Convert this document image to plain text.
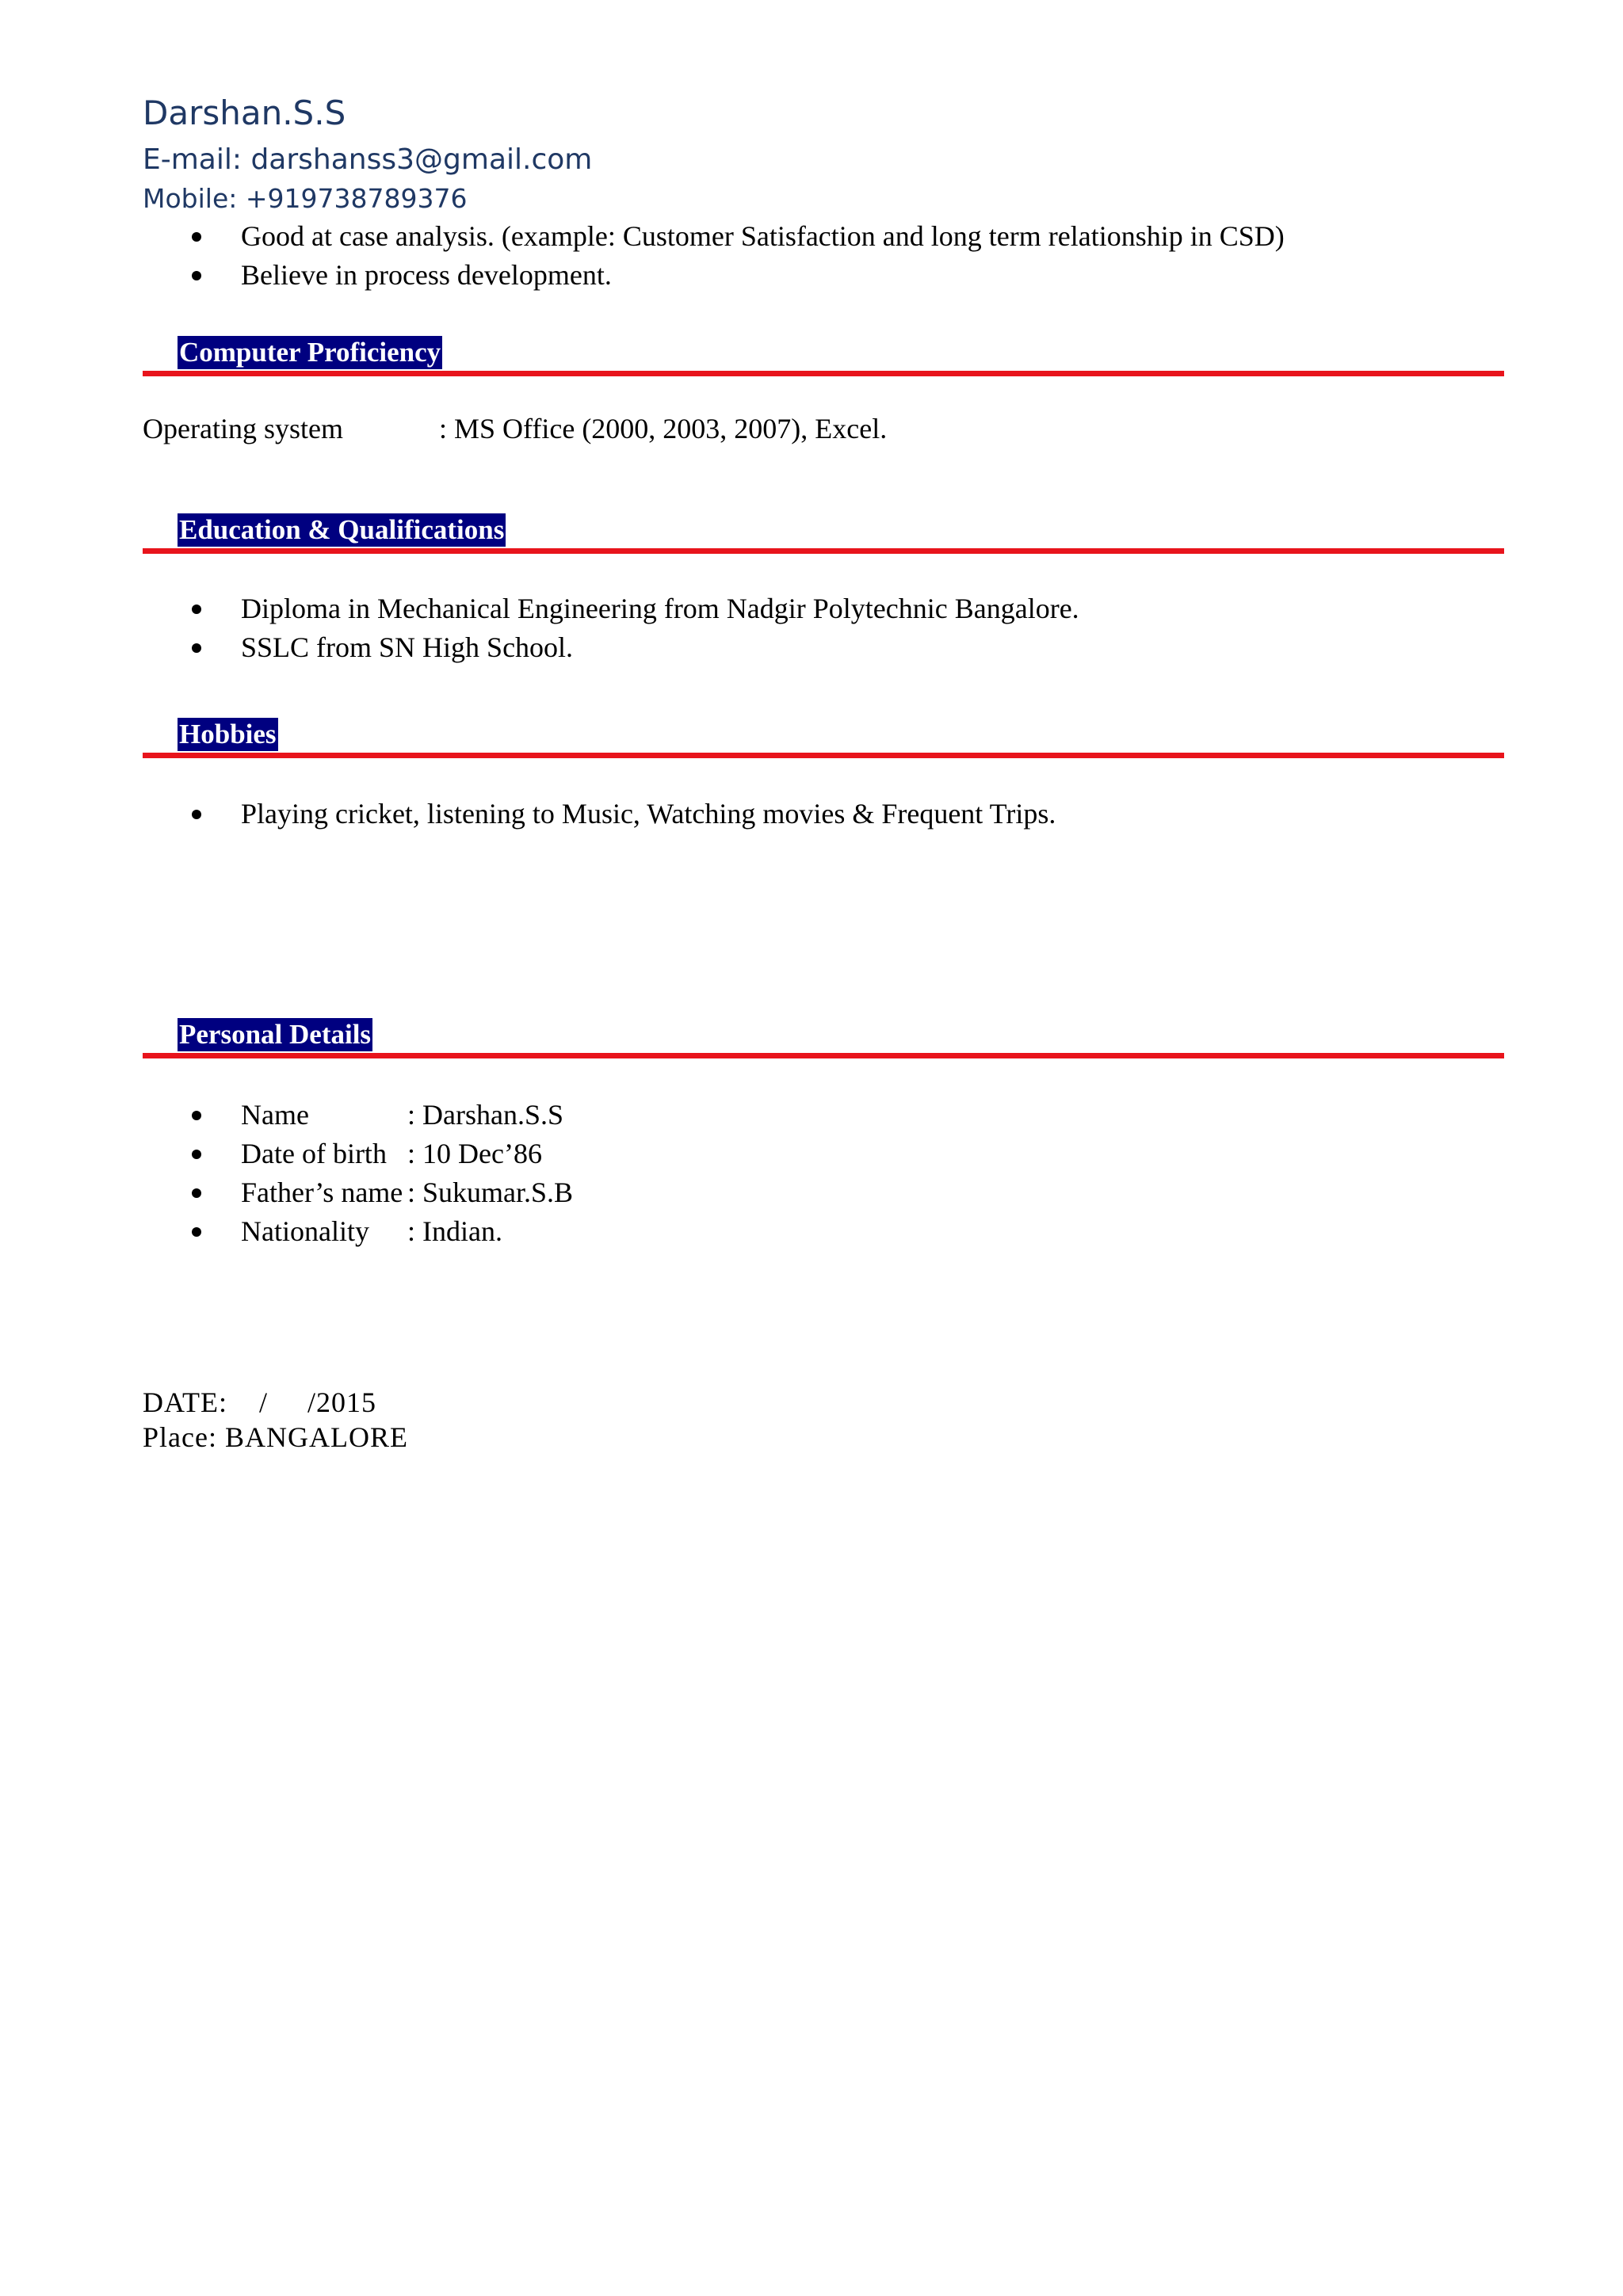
Darshan.S.S
E-mail: darshanss3@gmail.com
Mobile: +919738789376
Good at case analysis. (example: Customer Satisfaction and long term relationship in CSD)
Believe in process development.
Computer Proficiency
Operating system	: MS Office (2000, 2003, 2007), Excel.
Education & Qualifications
Diploma in Mechanical Engineering from Nadgir Polytechnic Bangalore.
SSLC from SN High School.
Hobbies
Playing cricket, listening to Music, Watching movies & Frequent Trips.
Personal Details
Name	: Darshan.S.S
Date of birth : 10 Dec’86
Father’s name : Sukumar.S.B
Nationality : Indian.
DATE:    /     /2015
Place: BANGALORE
